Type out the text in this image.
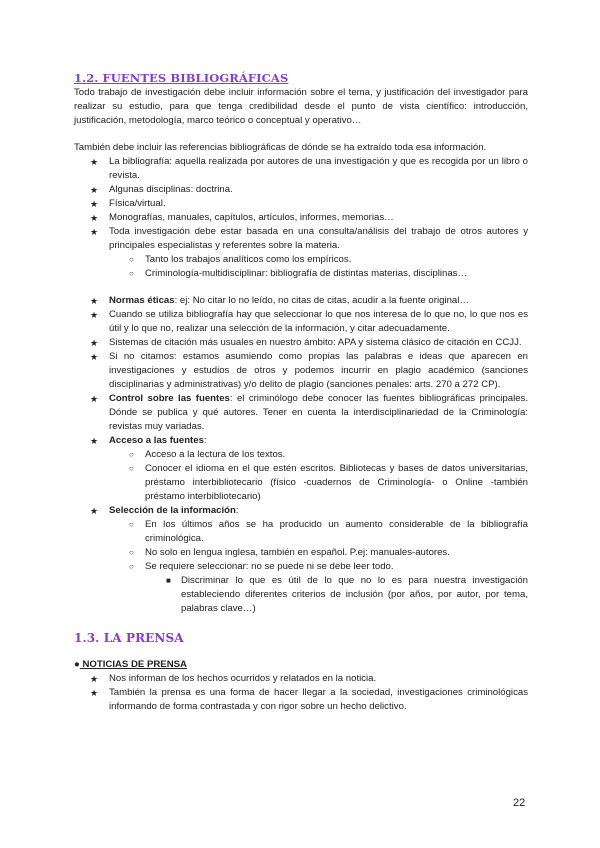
1.2. FUENTES BIBLIOGRÁFICAS

Todo trabajo de investigación debe incluir información sobre el tema, y justificación del investigador para realizar su estudio, para que tenga credibilidad desde el punto de vista científico: introducción, justificación, metodología, marco teórico o conceptual y operativo…

También debe incluir las referencias bibliográficas de dónde se ha extraído toda esa información.

★ La bibliografía: aquella realizada por autores de una investigación y que es recogida por un libro o revista.
★ Algunas disciplinas: doctrina.
★ Física/virtual.
★ Monografías, manuales, capítulos, artículos, informes, memorias…
★ Toda investigación debe estar basada en una consulta/análisis del trabajo de otros autores y principales especialistas y referentes sobre la materia.
○ Tanto los trabajos analíticos como los empíricos.
○ Criminología-multidisciplinar: bibliografía de distintas materias, disciplinas…
★ Normas éticas: ej: No citar lo no leído, no citas de citas, acudir a la fuente original…
★ Cuando se utiliza bibliografía hay que seleccionar lo que nos interesa de lo que no, lo que nos es útil y lo que no, realizar una selección de la información, y citar adecuadamente.
★ Sistemas de citación más usuales en nuestro ámbito: APA y sistema clásico de citación en CCJJ.
★ Si no citamos: estamos asumiendo como propias las palabras e ideas que aparecen en investigaciones y estudios de otros y podemos incurrir en plagio académico (sanciones disciplinarias y administrativas) y/o delito de plagio (sanciones penales: arts. 270 a 272 CP).
★ Control sobre las fuentes: el criminólogo debe conocer las fuentes bibliográficas principales. Dónde se publica y qué autores. Tener en cuenta la interdisciplinariedad de la Criminología: revistas muy variadas.
★ Acceso a las fuentes:
○ Acceso a la lectura de los textos.
○ Conocer el idioma en el que estén escritos. Bibliotecas y bases de datos universitarias, préstamo interbibliotecario (físico -cuadernos de Criminología- o Online -también préstamo interbibliotecario)
★ Selección de la información:
○ En los últimos años se ha producido un aumento considerable de la bibliografía criminológica.
○ No solo en lengua inglesa, también en español. P.ej: manuales-autores.
○ Se requiere seleccionar: no se puede ni se debe leer todo.
■ Discriminar lo que es útil de lo que no lo es para nuestra investigación estableciendo diferentes criterios de inclusión (por años, por autor, por tema, palabras clave…)
1.3. LA PRENSA
● NOTICIAS DE PRENSA
★ Nos informan de los hechos ocurridos y relatados en la noticia.
★ También la prensa es una forma de hacer llegar a la sociedad, investigaciones criminológicas informando de forma contrastada y con rigor sobre un hecho delictivo.
22
